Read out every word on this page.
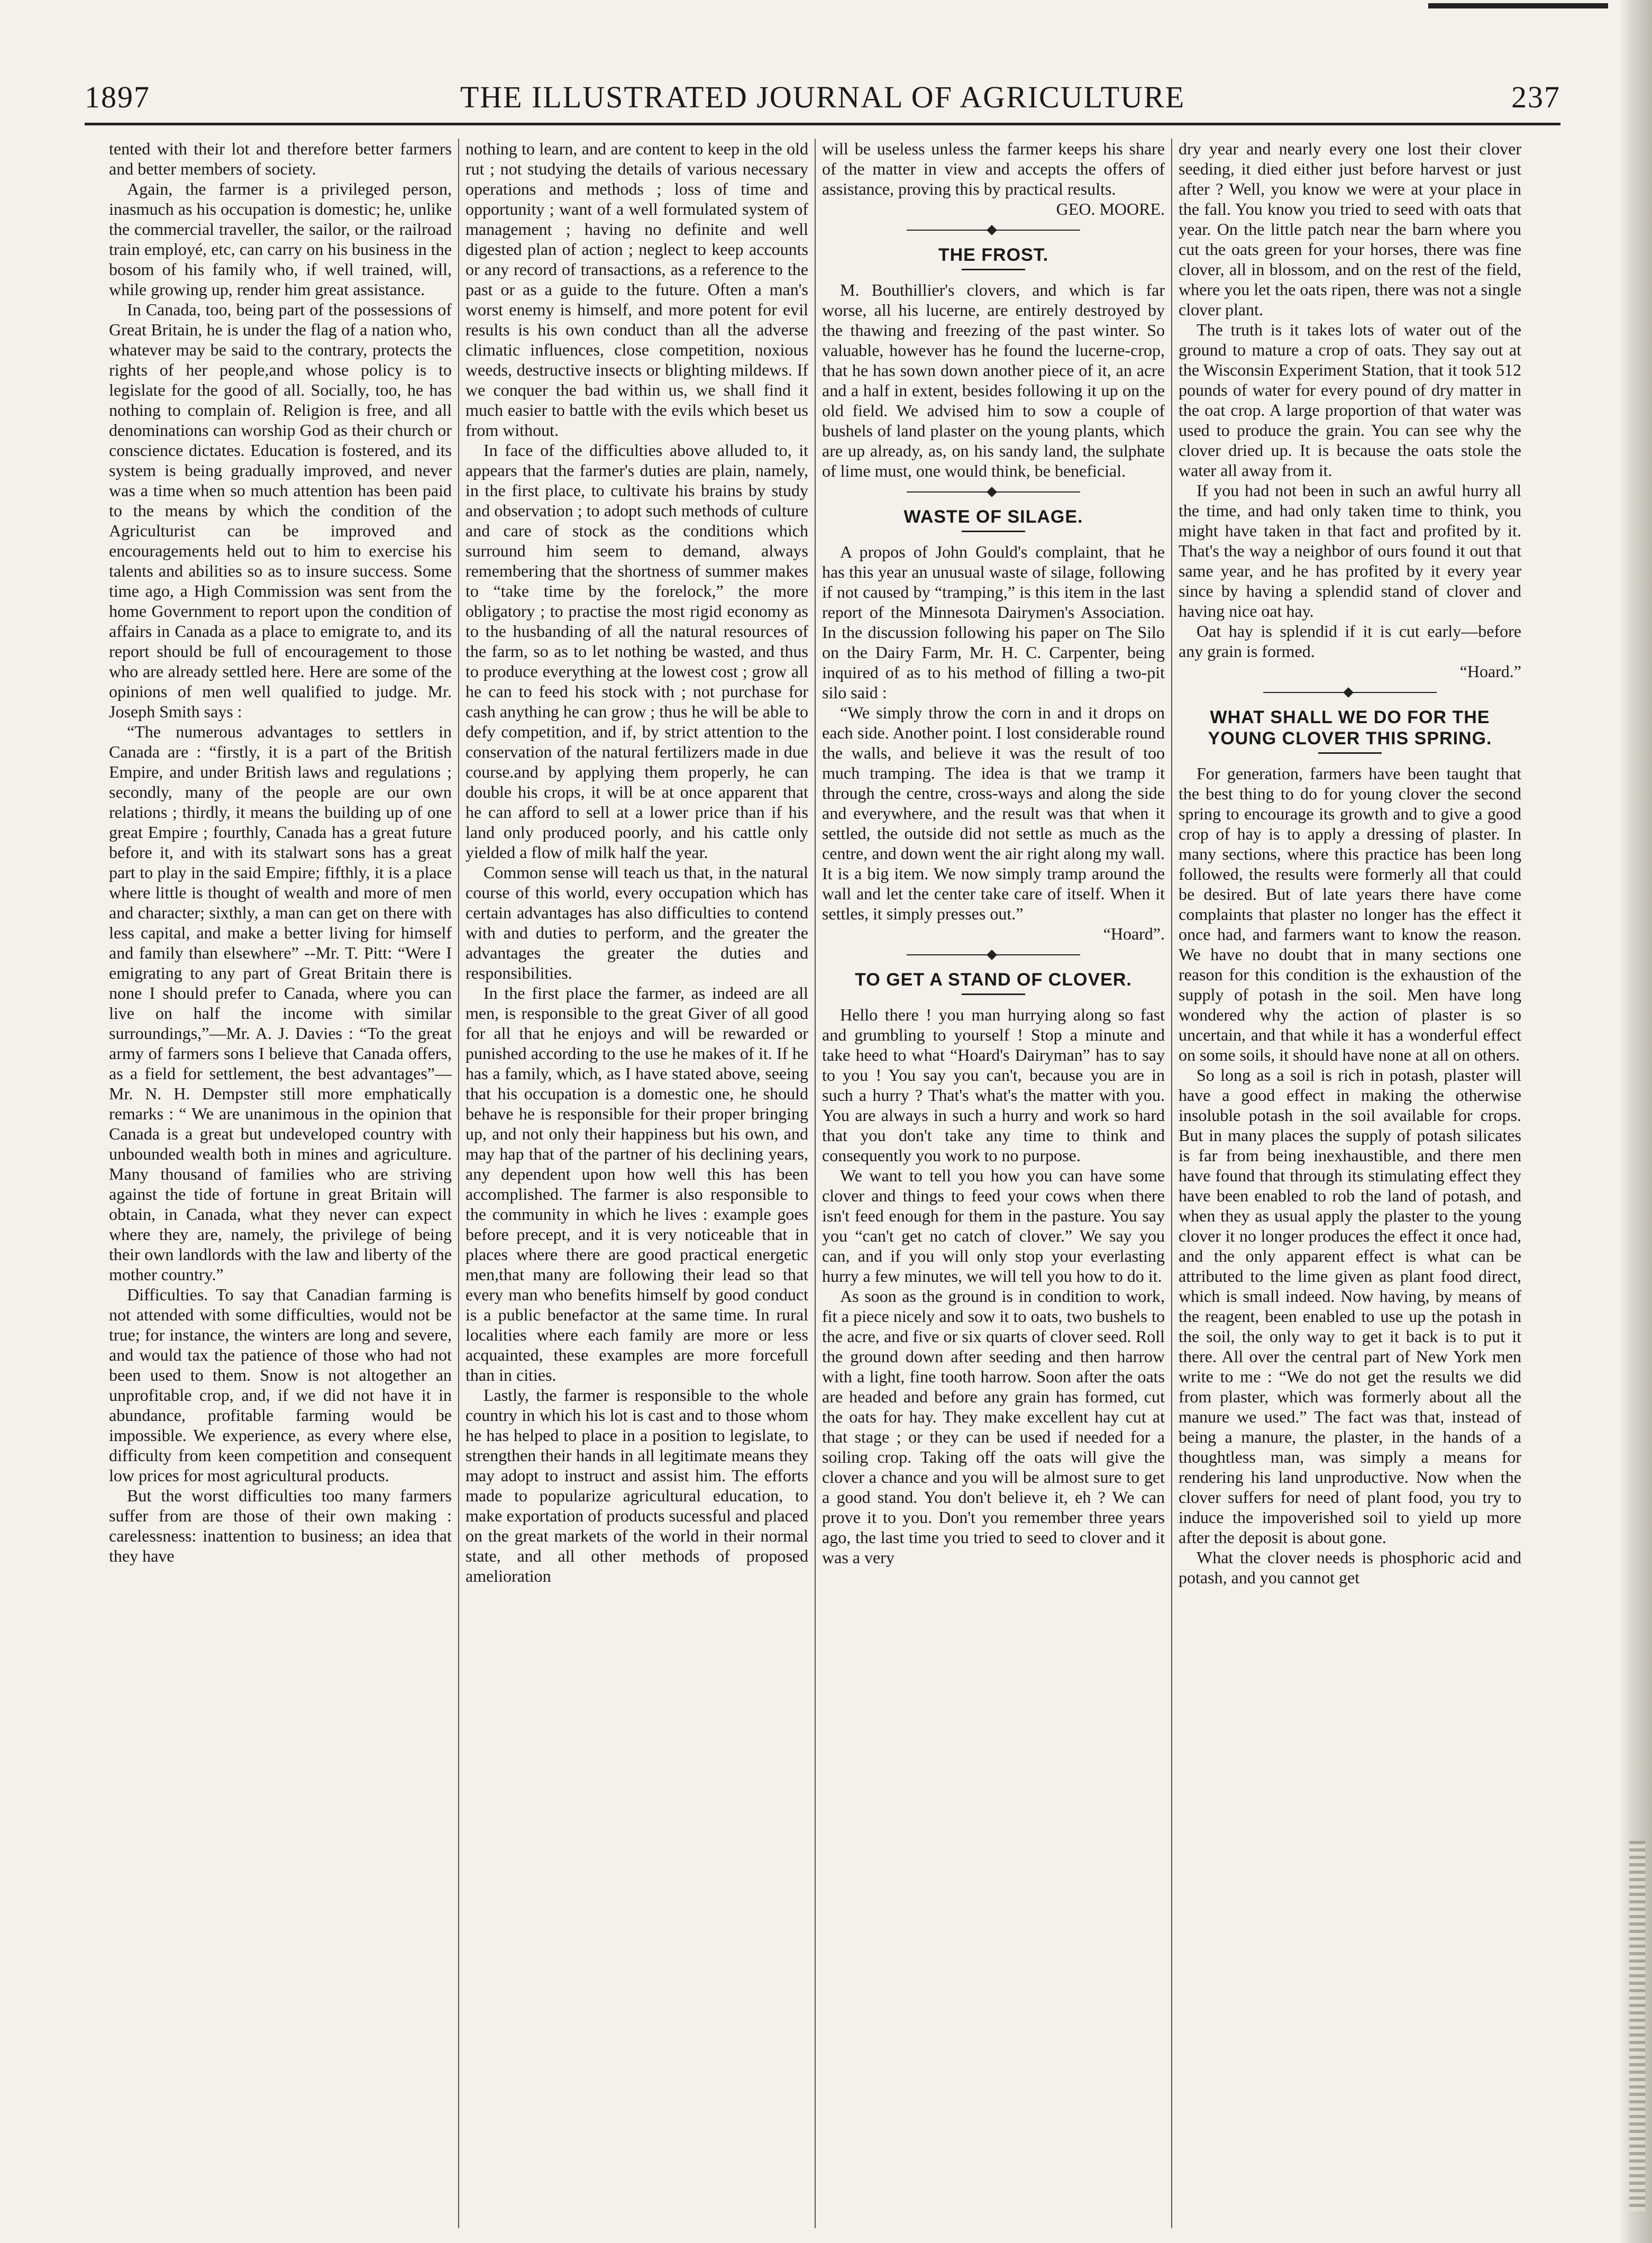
1897	THE ILLUSTRATED JOURNAL OF AGRICULTURE	237

tented with their lot and therefore better farmers and better members of society.

Again, the farmer is a privileged person, inasmuch as his occupation is domestic; he, unlike the commercial traveller, the sailor, or the railroad train employé, etc, can carry on his business in the bosom of his family who, if well trained, will, while growing up, render him great assistance.

In Canada, too, being part of the possessions of Great Britain, he is under the flag of a nation who, whatever may be said to the contrary, protects the rights of her people,and whose policy is to legislate for the good of all. Socially, too, he has nothing to complain of. Religion is free, and all denominations can worship God as their church or conscience dictates. Education is fostered, and its system is being gradually improved, and never was a time when so much attention has been paid to the means by which the condition of the Agriculturist can be improved and encouragements held out to him to exercise his talents and abilities so as to insure success. Some time ago, a High Commission was sent from the home Government to report upon the condition of affairs in Canada as a place to emigrate to, and its report should be full of encouragement to those who are already settled here. Here are some of the opinions of men well qualified to judge. Mr. Joseph Smith says :

“The numerous advantages to settlers in Canada are : “firstly, it is a part of the British Empire, and under British laws and regulations ; secondly, many of the people are our own relations ; thirdly, it means the building up of one great Empire ; fourthly, Canada has a great future before it, and with its stalwart sons has a great part to play in the said Empire; fifthly, it is a place where little is thought of wealth and more of men and character; sixthly, a man can get on there with less capital, and make a better living for himself and family than elsewhere” --Mr. T. Pitt: “Were I emigrating to any part of Great Britain there is none I should prefer to Canada, where you can live on half the income with similar surroundings,”—Mr. A. J. Davies : “To the great army of farmers sons I believe that Canada offers, as a field for settlement, the best advantages”—Mr. N. H. Dempster still more emphatically remarks : “ We are unanimous in the opinion that Canada is a great but undeveloped country with unbounded wealth both in mines and agriculture. Many thousand of families who are striving against the tide of fortune in great Britain will obtain, in Canada, what they never can expect where they are, namely, the privilege of being their own landlords with the law and liberty of the mother country.”

Difficulties. To say that Canadian farming is not attended with some difficulties, would not be true; for instance, the winters are long and severe, and would tax the patience of those who had not been used to them. Snow is not altogether an unprofitable crop, and, if we did not have it in abundance, profitable farming would be impossible. We experience, as every where else, difficulty from keen competition and consequent low prices for most agricultural products.

But the worst difficulties too many farmers suffer from are those of their own making : carelessness: inattention to business; an idea that they have

nothing to learn, and are content to keep in the old rut ; not studying the details of various necessary operations and methods ; loss of time and opportunity ; want of a well formulated system of management ; having no definite and well digested plan of action ; neglect to keep accounts or any record of transactions, as a reference to the past or as a guide to the future. Often a man's worst enemy is himself, and more potent for evil results is his own conduct than all the adverse climatic influences, close competition, noxious weeds, destructive insects or blighting mildews. If we conquer the bad within us, we shall find it much easier to battle with the evils which beset us from without.

In face of the difficulties above alluded to, it appears that the farmer's duties are plain, namely, in the first place, to cultivate his brains by study and observation ; to adopt such methods of culture and care of stock as the conditions which surround him seem to demand, always remembering that the shortness of summer makes to “take time by the forelock,” the more obligatory ; to practise the most rigid economy as to the husbanding of all the natural resources of the farm, so as to let nothing be wasted, and thus to produce everything at the lowest cost ; grow all he can to feed his stock with ; not purchase for cash anything he can grow ; thus he will be able to defy competition, and if, by strict attention to the conservation of the natural fertilizers made in due course.and by applying them properly, he can double his crops, it will be at once apparent that he can afford to sell at a lower price than if his land only produced poorly, and his cattle only yielded a flow of milk half the year.

Common sense will teach us that, in the natural course of this world, every occupation which has certain advantages has also difficulties to contend with and duties to perform, and the greater the advantages the greater the duties and responsibilities.

In the first place the farmer, as indeed are all men, is responsible to the great Giver of all good for all that he enjoys and will be rewarded or punished according to the use he makes of it. If he has a family, which, as I have stated above, seeing that his occupation is a domestic one, he should behave he is responsible for their proper bringing up, and not only their happiness but his own, and may hap that of the partner of his declining years, any dependent upon how well this has been accomplished. The farmer is also responsible to the community in which he lives : example goes before precept, and it is very noticeable that in places where there are good practical energetic men,that many are following their lead so that every man who benefits himself by good conduct is a public benefactor at the same time. In rural localities where each family are more or less acquainted, these examples are more forcefull than in cities.

Lastly, the farmer is responsible to the whole country in which his lot is cast and to those whom he has helped to place in a position to legislate, to strengthen their hands in all legitimate means they may adopt to instruct and assist him. The efforts made to popularize agricultural education, to make exportation of products sucessful and placed on the great markets of the world in their normal state, and all other methods of proposed amelioration

will be useless unless the farmer keeps his share of the matter in view and accepts the offers of assistance, proving this by practical results.

GEO. MOORE.

THE FROST.

M. Bouthillier's clovers, and which is far worse, all his lucerne, are entirely destroyed by the thawing and freezing of the past winter. So valuable, however has he found the lucerne-crop, that he has sown down another piece of it, an acre and a half in extent, besides following it up on the old field. We advised him to sow a couple of bushels of land plaster on the young plants, which are up already, as, on his sandy land, the sulphate of lime must, one would think, be beneficial.

WASTE OF SILAGE.

A propos of John Gould's complaint, that he has this year an unusual waste of silage, following if not caused by “tramping,” is this item in the last report of the Minnesota Dairymen's Association. In the discussion following his paper on The Silo on the Dairy Farm, Mr. H. C. Carpenter, being inquired of as to his method of filling a two-pit silo said :

“We simply throw the corn in and it drops on each side. Another point. I lost considerable round the walls, and believe it was the result of too much tramping. The idea is that we tramp it through the centre, cross-ways and along the side and everywhere, and the result was that when it settled, the outside did not settle as much as the centre, and down went the air right along my wall. It is a big item. We now simply tramp around the wall and let the center take care of itself. When it settles, it simply presses out.”

“Hoard”.

TO GET A STAND OF CLOVER.

Hello there ! you man hurrying along so fast and grumbling to yourself ! Stop a minute and take heed to what “Hoard's Dairyman” has to say to you ! You say you can't, because you are in such a hurry ? That's what's the matter with you. You are always in such a hurry and work so hard that you don't take any time to think and consequently you work to no purpose.

We want to tell you how you can have some clover and things to feed your cows when there isn't feed enough for them in the pasture. You say you “can't get no catch of clover.” We say you can, and if you will only stop your everlasting hurry a few minutes, we will tell you how to do it.

As soon as the ground is in condition to work, fit a piece nicely and sow it to oats, two bushels to the acre, and five or six quarts of clover seed. Roll the ground down after seeding and then harrow with a light, fine tooth harrow. Soon after the oats are headed and before any grain has formed, cut the oats for hay. They make excellent hay cut at that stage ; or they can be used if needed for a soiling crop. Taking off the oats will give the clover a chance and you will be almost sure to get a good stand. You don't believe it, eh ? We can prove it to you. Don't you remember three years ago, the last time you tried to seed to clover and it was a very

dry year and nearly every one lost their clover seeding, it died either just before harvest or just after ? Well, you know we were at your place in the fall. You know you tried to seed with oats that year. On the little patch near the barn where you cut the oats green for your horses, there was fine clover, all in blossom, and on the rest of the field, where you let the oats ripen, there was not a single clover plant.

The truth is it takes lots of water out of the ground to mature a crop of oats. They say out at the Wisconsin Experiment Station, that it took 512 pounds of water for every pound of dry matter in the oat crop. A large proportion of that water was used to produce the grain. You can see why the clover dried up. It is because the oats stole the water all away from it.

If you had not been in such an awful hurry all the time, and had only taken time to think, you might have taken in that fact and profited by it. That's the way a neighbor of ours found it out that same year, and he has profited by it every year since by having a splendid stand of clover and having nice oat hay.

Oat hay is splendid if it is cut early—before any grain is formed.

“Hoard.”

WHAT SHALL WE DO FOR THE YOUNG CLOVER THIS SPRING.

For generation, farmers have been taught that the best thing to do for young clover the second spring to encourage its growth and to give a good crop of hay is to apply a dressing of plaster. In many sections, where this practice has been long followed, the results were formerly all that could be desired. But of late years there have come complaints that plaster no longer has the effect it once had, and farmers want to know the reason. We have no doubt that in many sections one reason for this condition is the exhaustion of the supply of potash in the soil. Men have long wondered why the action of plaster is so uncertain, and that while it has a wonderful effect on some soils, it should have none at all on others.

So long as a soil is rich in potash, plaster will have a good effect in making the otherwise insoluble potash in the soil available for crops. But in many places the supply of potash silicates is far from being inexhaustible, and there men have found that through its stimulating effect they have been enabled to rob the land of potash, and when they as usual apply the plaster to the young clover it no longer produces the effect it once had, and the only apparent effect is what can be attributed to the lime given as plant food direct, which is small indeed. Now having, by means of the reagent, been enabled to use up the potash in the soil, the only way to get it back is to put it there. All over the central part of New York men write to me : “We do not get the results we did from plaster, which was formerly about all the manure we used.” The fact was that, instead of being a manure, the plaster, in the hands of a thoughtless man, was simply a means for rendering his land unproductive. Now when the clover suffers for need of plant food, you try to induce the impoverished soil to yield up more after the deposit is about gone.

What the clover needs is phosphoric acid and potash, and you cannot get
